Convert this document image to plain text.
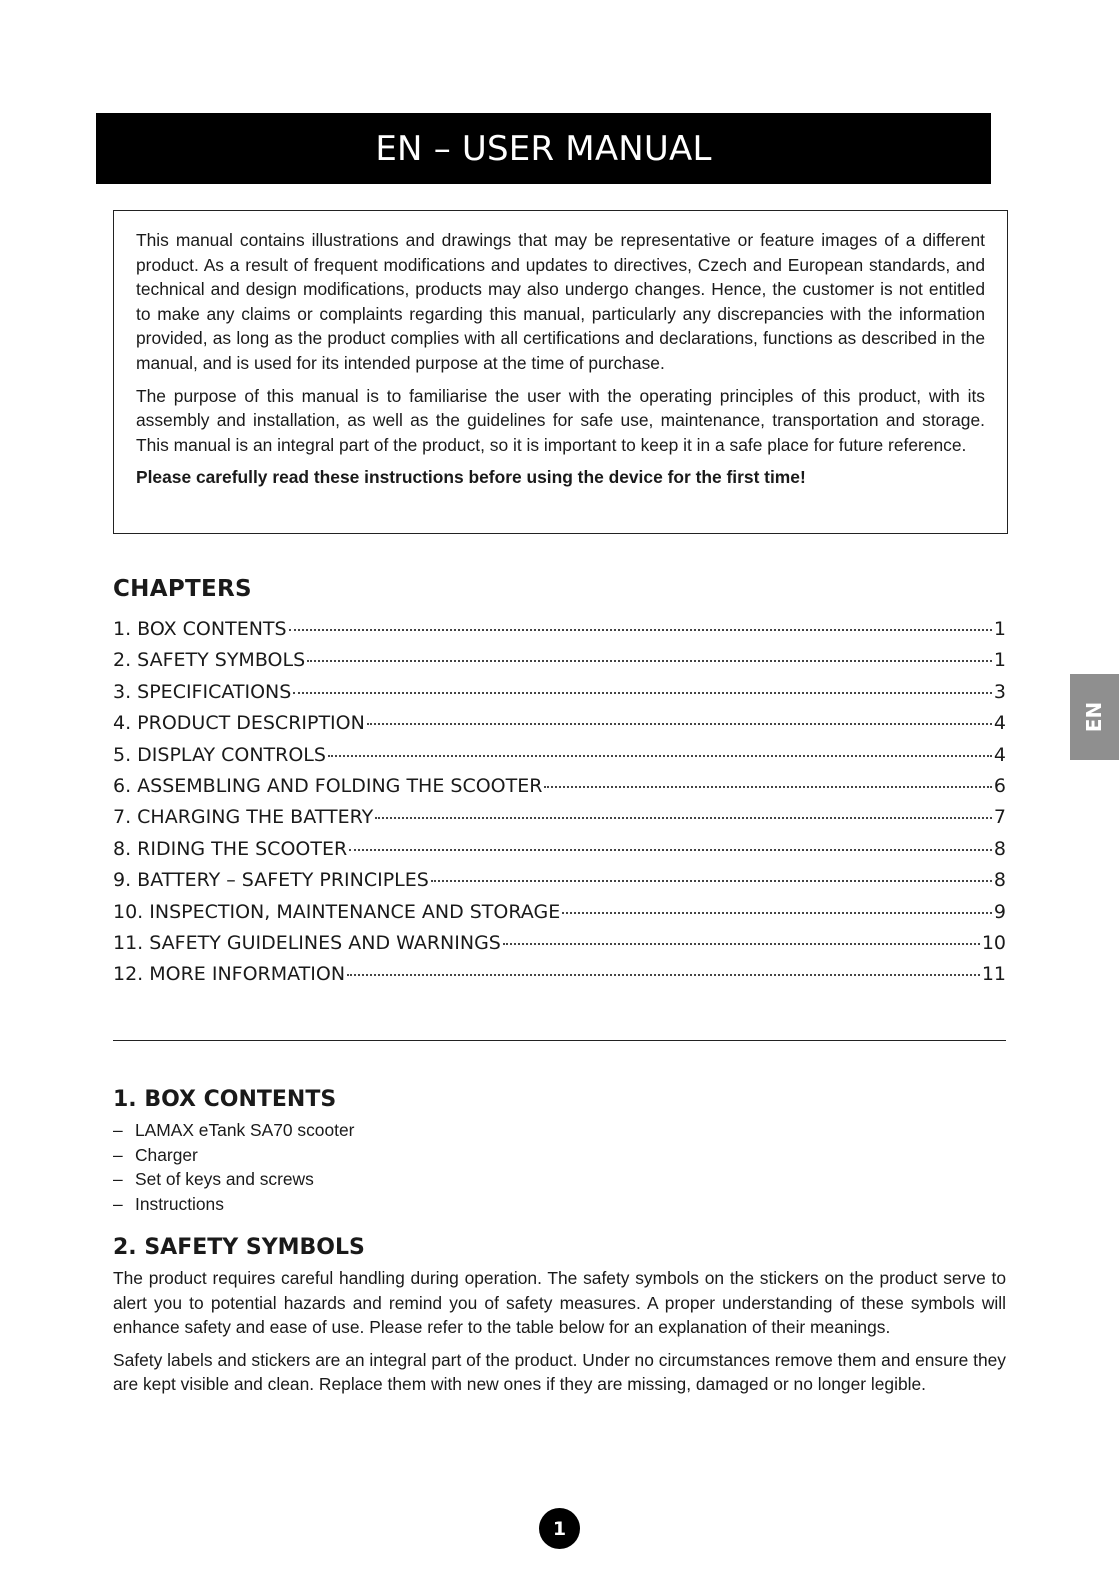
EN – USER MANUAL

This manual contains illustrations and drawings that may be representative or feature images of a different product. As a result of frequent modifications and updates to directives, Czech and European standards, and technical and design modifications, products may also undergo changes. Hence, the customer is not entitled to make any claims or complaints regarding this manual, particularly any discrepancies with the information provided, as long as the product complies with all certifications and declarations, functions as described in the manual, and is used for its intended purpose at the time of purchase.

The purpose of this manual is to familiarise the user with the operating principles of this product, with its assembly and installation, as well as the guidelines for safe use, maintenance, transportation and storage. This manual is an integral part of the product, so it is important to keep it in a safe place for future reference.

Please carefully read these instructions before using the device for the first time!

CHAPTERS
1. BOX CONTENTS	1
2. SAFETY SYMBOLS	1
3. SPECIFICATIONS	3
4. PRODUCT DESCRIPTION	4
5. DISPLAY CONTROLS	4
6. ASSEMBLING AND FOLDING THE SCOOTER	6
7. CHARGING THE BATTERY	7
8. RIDING THE SCOOTER	8
9. BATTERY – SAFETY PRINCIPLES	8
10. INSPECTION, MAINTENANCE AND STORAGE	9
11. SAFETY GUIDELINES AND WARNINGS	10
12. MORE INFORMATION	11
1. BOX CONTENTS
– LAMAX eTank SA70 scooter
– Charger
– Set of keys and screws
– Instructions
2. SAFETY SYMBOLS

The product requires careful handling during operation. The safety symbols on the stickers on the product serve to alert you to potential hazards and remind you of safety measures. A proper understanding of these symbols will enhance safety and ease of use. Please refer to the table below for an explanation of their meanings.

Safety labels and stickers are an integral part of the product. Under no circumstances remove them and ensure they are kept visible and clean. Replace them with new ones if they are missing, damaged or no longer legible.

EN
1
